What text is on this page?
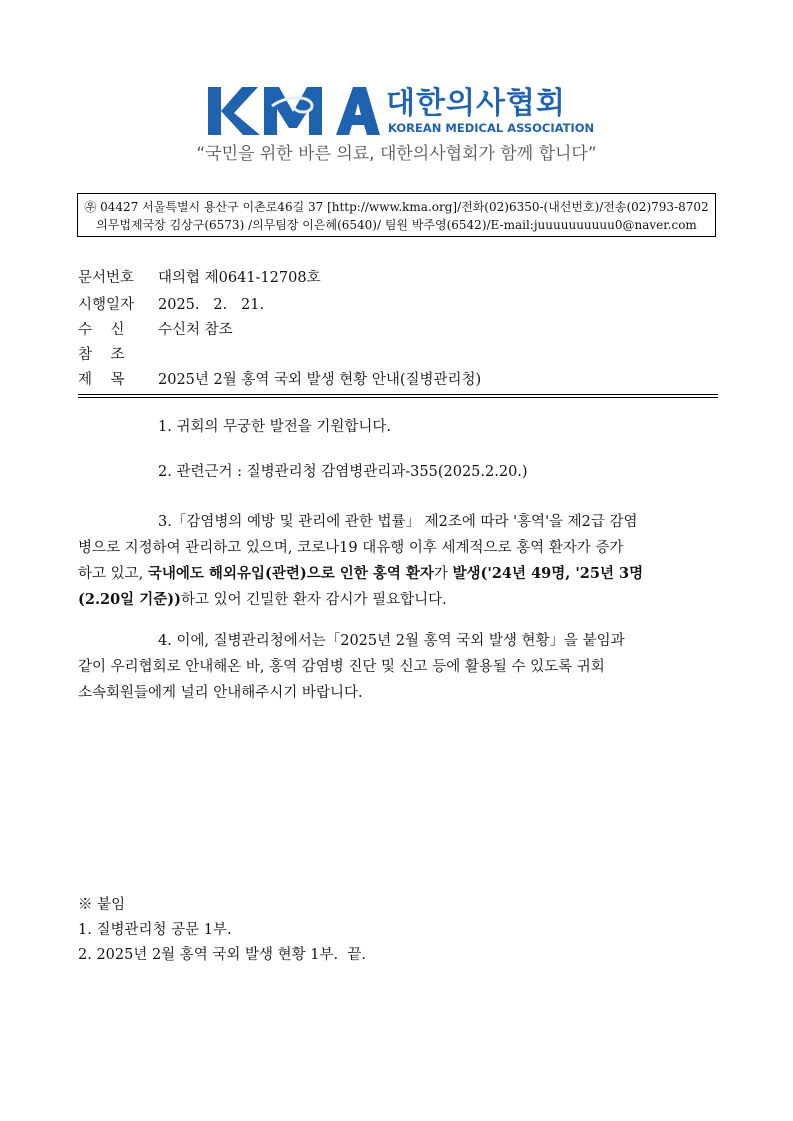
대한의사협회
KOREAN MEDICAL ASSOCIATION
“국민을 위한 바른 의료, 대한의사협회가 함께 합니다”
㉾ 04427 서울특별시 용산구 이촌로46길 37 [http://www.kma.org]/전화(02)6350-(내선번호)/전송(02)793-8702
의무법제국장 김상구(6573) /의무팀장 이은혜(6540)/ 팀원 박주영(6542)/E-mail:juuuuuuuuuu0@naver.com
문서번호 대의협 제0641-12708호
시행일자 2025.   2.   21.
수    신 수신처 참조
참    조
제    목 2025년 2월 홍역 국외 발생 현황 안내(질병관리청)

1. 귀회의 무궁한 발전을 기원합니다.

2. 관련근거 : 질병관리청 감염병관리과-355(2025.2.20.)

3.「감염병의 예방 및 관리에 관한 법률」 제2조에 따라 '홍역'을 제2급 감염
병으로 지정하여 관리하고 있으며, 코로나19 대유행 이후 세계적으로 홍역 환자가 증가
하고 있고, 국내에도 해외유입(관련)으로 인한 홍역 환자가 발생('24년 49명, '25년 3명
(2.20일 기준))하고 있어 긴밀한 환자 감시가 필요합니다.
4. 이에, 질병관리청에서는「2025년 2월 홍역 국외 발생 현황」을 붙임과
같이 우리협회로 안내해온 바, 홍역 감염병 진단 및 신고 등에 활용될 수 있도록 귀회
소속회원들에게 널리 안내해주시기 바랍니다.
※ 붙임
1. 질병관리청 공문 1부.
2. 2025년 2월 홍역 국외 발생 현황 1부.  끝.
